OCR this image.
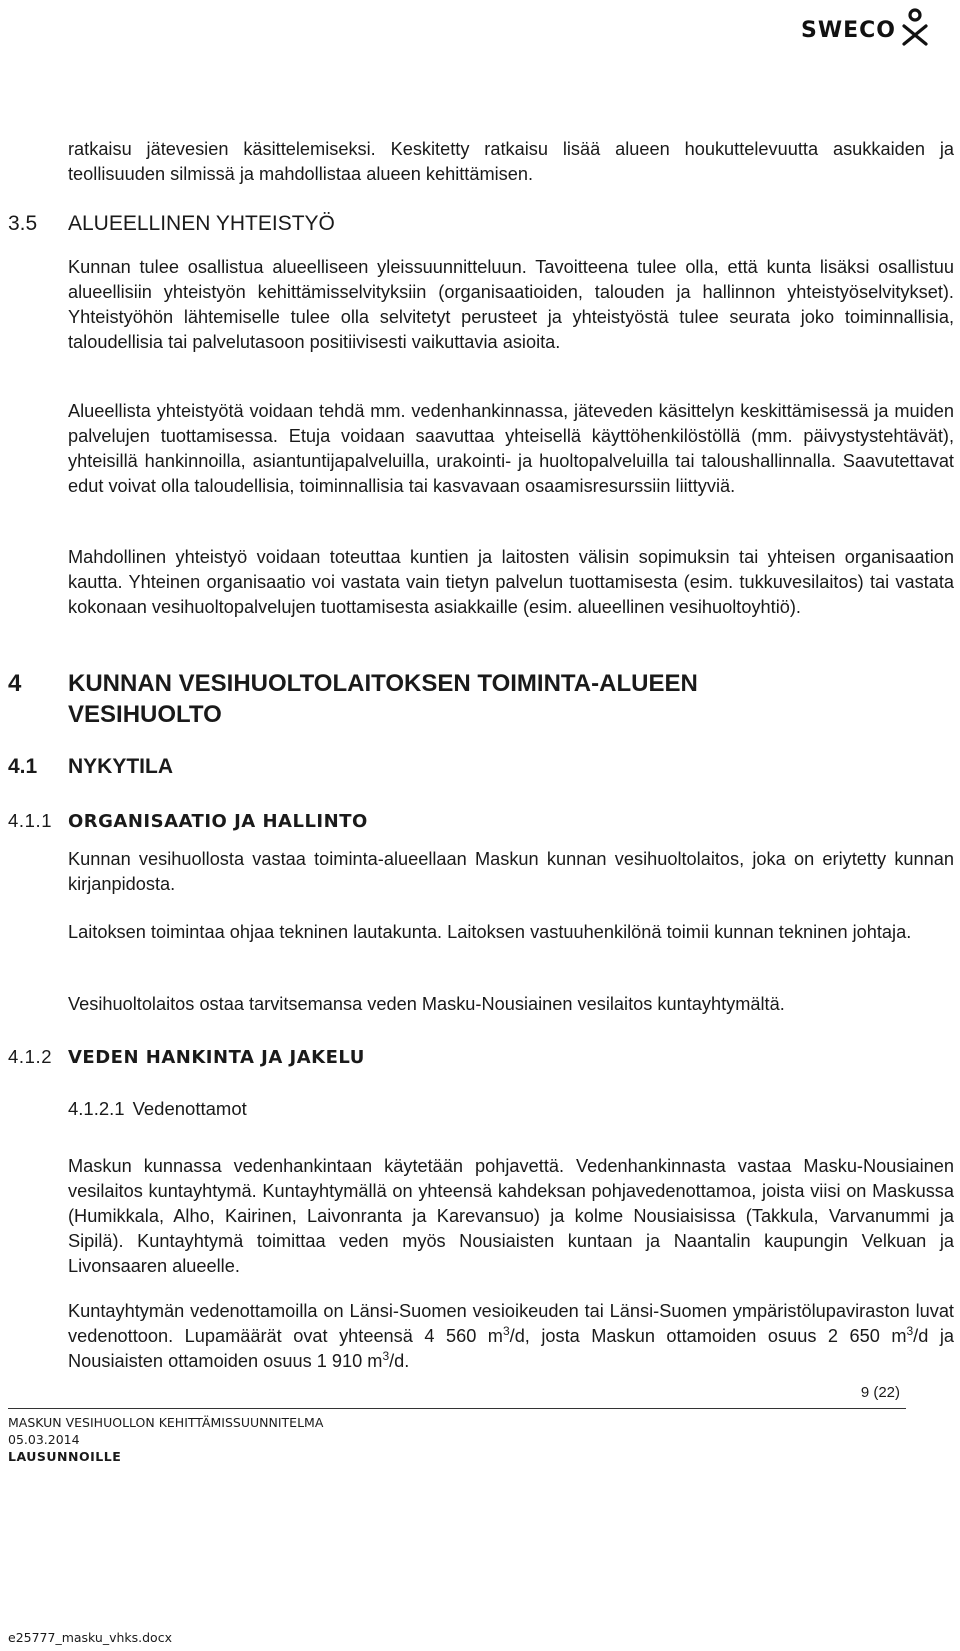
SWECO

ratkaisu jätevesien käsittelemiseksi. Keskitetty ratkaisu lisää alueen houkuttelevuutta asukkaiden ja teollisuuden silmissä ja mahdollistaa alueen kehittämisen.

3.5 ALUEELLINEN YHTEISTYÖ

Kunnan tulee osallistua alueelliseen yleissuunnitteluun. Tavoitteena tulee olla, että kunta lisäksi osallistuu alueellisiin yhteistyön kehittämisselvityksiin (organisaatioiden, talouden ja hallinnon yhteistyöselvitykset). Yhteistyöhön lähtemiselle tulee olla selvitetyt perusteet ja yhteistyöstä tulee seurata joko toiminnallisia, taloudellisia tai palvelutasoon positiivisesti vaikuttavia asioita.

Alueellista yhteistyötä voidaan tehdä mm. vedenhankinnassa, jäteveden käsittelyn keskittämisessä ja muiden palvelujen tuottamisessa. Etuja voidaan saavuttaa yhteisellä käyttöhenkilöstöllä (mm. päivystystehtävät), yhteisillä hankinnoilla, asiantuntijapalveluilla, urakointi- ja huoltopalveluilla tai taloushallinnalla. Saavutettavat edut voivat olla taloudellisia, toiminnallisia tai kasvavaan osaamisresurssiin liittyviä.

Mahdollinen yhteistyö voidaan toteuttaa kuntien ja laitosten välisin sopimuksin tai yhteisen organisaation kautta. Yhteinen organisaatio voi vastata vain tietyn palvelun tuottamisesta (esim. tukkuvesilaitos) tai vastata kokonaan vesihuoltopalvelujen tuottamisesta asiakkaille (esim. alueellinen vesihuoltoyhtiö).

4 KUNNAN VESIHUOLTOLAITOKSEN TOIMINTA-ALUEEN VESIHUOLTO
4.1 NYKYTILA
4.1.1 ORGANISAATIO JA HALLINTO

Kunnan vesihuollosta vastaa toiminta-alueellaan Maskun kunnan vesihuoltolaitos, joka on eriytetty kunnan kirjanpidosta.

Laitoksen toimintaa ohjaa tekninen lautakunta. Laitoksen vastuuhenkilönä toimii kunnan tekninen johtaja.

Vesihuoltolaitos ostaa tarvitsemansa veden Masku-Nousiainen vesilaitos kuntayhtymältä.

4.1.2 VEDEN HANKINTA JA JAKELU
4.1.2.1 Vedenottamot

Maskun kunnassa vedenhankintaan käytetään pohjavettä. Vedenhankinnasta vastaa Masku-Nousiainen vesilaitos kuntayhtymä. Kuntayhtymällä on yhteensä kahdeksan pohjavedenottamoa, joista viisi on Maskussa (Humikkala, Alho, Kairinen, Laivonranta ja Karevansuo) ja kolme Nousiaisissa (Takkula, Varvanummi ja Sipilä). Kuntayhtymä toimittaa veden myös Nousiaisten kuntaan ja Naantalin kaupungin Velkuan ja Livonsaaren alueelle.

Kuntayhtymän vedenottamoilla on Länsi-Suomen vesioikeuden tai Länsi-Suomen ympäristölupaviraston luvat vedenottoon. Lupamäärät ovat yhteensä 4 560 $m^3/d$, josta Maskun ottamoiden osuus 2 650 $m^3/d$ ja Nousiaisten ottamoiden osuus 1 910 $m^3/d$.

9 (22)
MASKUN VESIHUOLLON KEHITTÄMISSUUNNITELMA
05.03.2014
LAUSUNNOILLE
e25777_masku_vhks.docx
